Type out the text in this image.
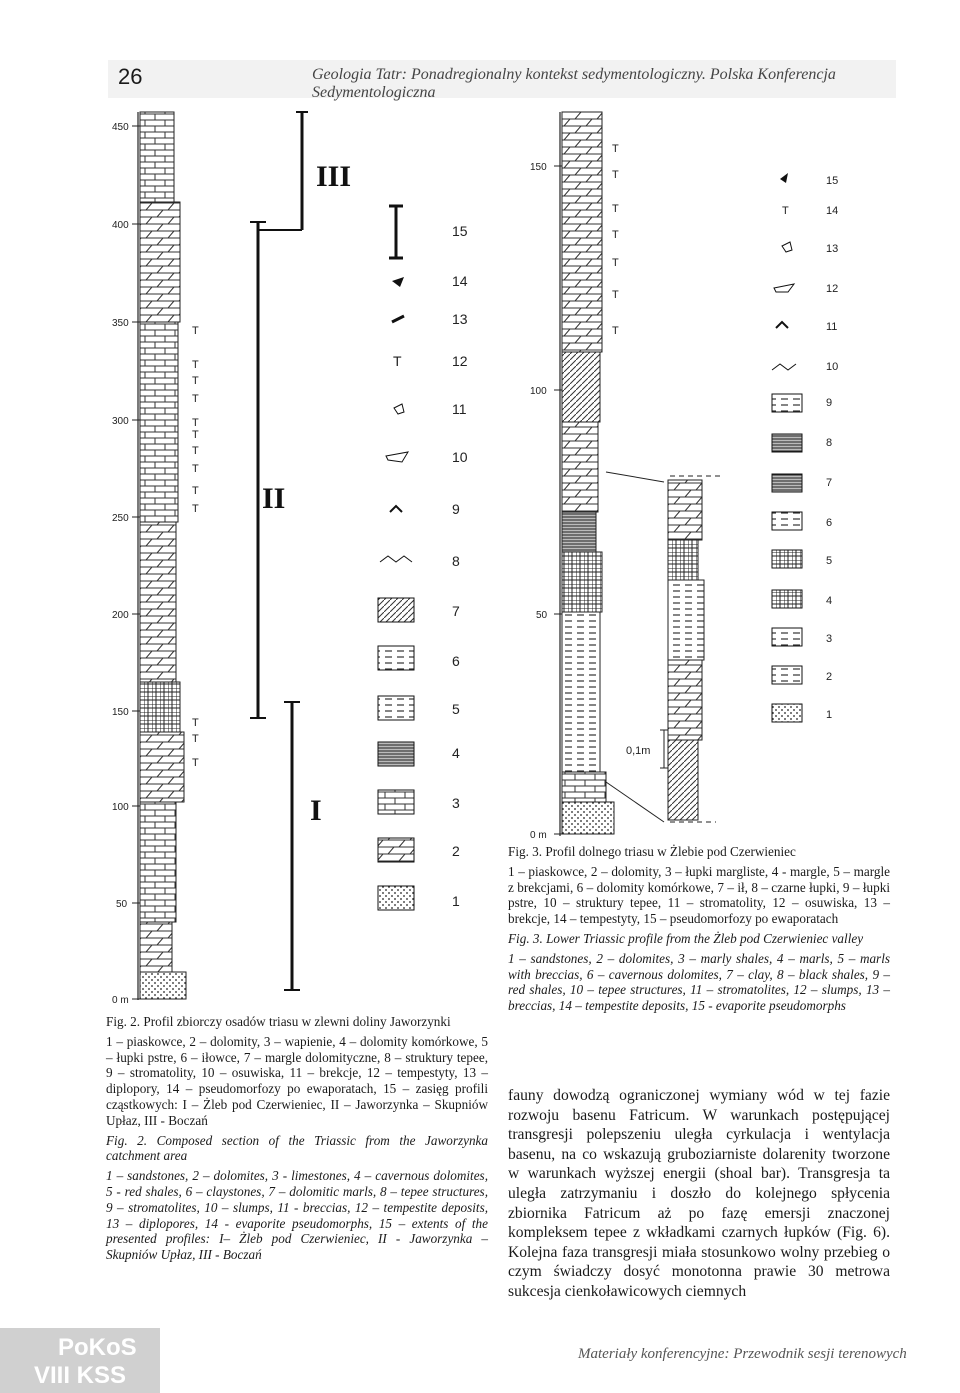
26	Geologia Tatr: Ponadregionalny kontekst sedymentologiczny. Polska Konferencja Sedymentologiczna
450
400
350
300
250
200
150
100
50
0 m
T
T
T
T
T
T
T
T
T
T
T
T
T
III
II
I
15
14
13
T	12
11
10
9
8
7
6
5
4
3
2
1
150
100
50
0 m
0,1m
T
T
T
T
T
T
T
15
T	14
13
12
11
10
9
8
7
6
5
4
3
2
1

Fig. 2. Profil zbiorczy osadów triasu w zlewni doliny Jaworzynki

1 – piaskowce, 2 – dolomity, 3 – wapienie, 4 – dolomity komórkowe, 5 – łupki pstre, 6 – iłowce, 7 – margle dolomityczne, 8 – struktury tepee, 9 – stromatolity, 10 – osuwiska, 11 – brekcje, 12 – tempestyty, 13 – diplopory, 14 – pseudomorfozy po ewaporatach, 15 – zasięg profili cząstkowych: I – Żleb pod Czerwieniec, II – Jaworzynka – Skupniów Upłaz, III - Boczań

Fig. 2. Composed section of the Triassic from the Jaworzynka catchment area

1 – sandstones, 2 – dolomites, 3 - limestones, 4 – cavernous dolomites, 5 - red shales, 6 – claystones, 7 – dolomitic marls, 8 – tepee structures, 9 – stromatolites, 10 – slumps, 11 - breccias, 12 – tempestite deposits, 13 – diplopores, 14 - evaporite pseudomorphs, 15 – extents of the presented profiles: I– Żleb pod Czerwieniec, II - Jaworzynka – Skupniów Upłaz, III - Boczań

Fig. 3. Profil dolnego triasu w Żlebie pod Czerwieniec

1 – piaskowce, 2 – dolomity, 3 – łupki margliste, 4 - margle, 5 – margle z brekcjami, 6 – dolomity komórkowe, 7 – ił, 8 – czarne łupki, 9 – łupki pstre, 10 – struktury tepee, 11 – stromatolity, 12 – osuwiska, 13 – brekcje, 14 – tempestyty, 15 – pseudomorfozy po ewaporatach

Fig. 3. Lower Triassic profile from the Żleb pod Czerwieniec valley

1 – sandstones, 2 – dolomites, 3 – marly shales, 4 – marls, 5 – marls with breccias, 6 – cavernous dolomites, 7 – clay, 8 – black shales, 9 – red shales, 10 – tepee structures, 11 – stromatolites, 12 – slumps, 13 – breccias, 14 – tempestite deposits, 15 - evaporite pseudomorphs

fauny dowodzą ograniczonej wymiany wód w tej fazie rozwoju basenu Fatricum. W warunkach postępującej transgresji polepszeniu uległa cyrkulacja i wentylacja basenu, na co wskazują gruboziarniste dolarenity tworzone w warunkach wyższej energii (shoal bar). Transgresja ta uległa zatrzymaniu i doszło do kolejnego spłycenia zbiornika Fatricum aż po fazę emersji znaczonej kompleksem tepee z wkładkami czarnych łupków (Fig. 6). Kolejna faza transgresji miała stosunkowo wolny przebieg o czym świadczy dosyć monotonna prawie 30 metrowa sukcesja cienkoławicowych ciemnych
PoKoS
VIII KSS
Materiały konferencyjne: Przewodnik sesji terenowych
